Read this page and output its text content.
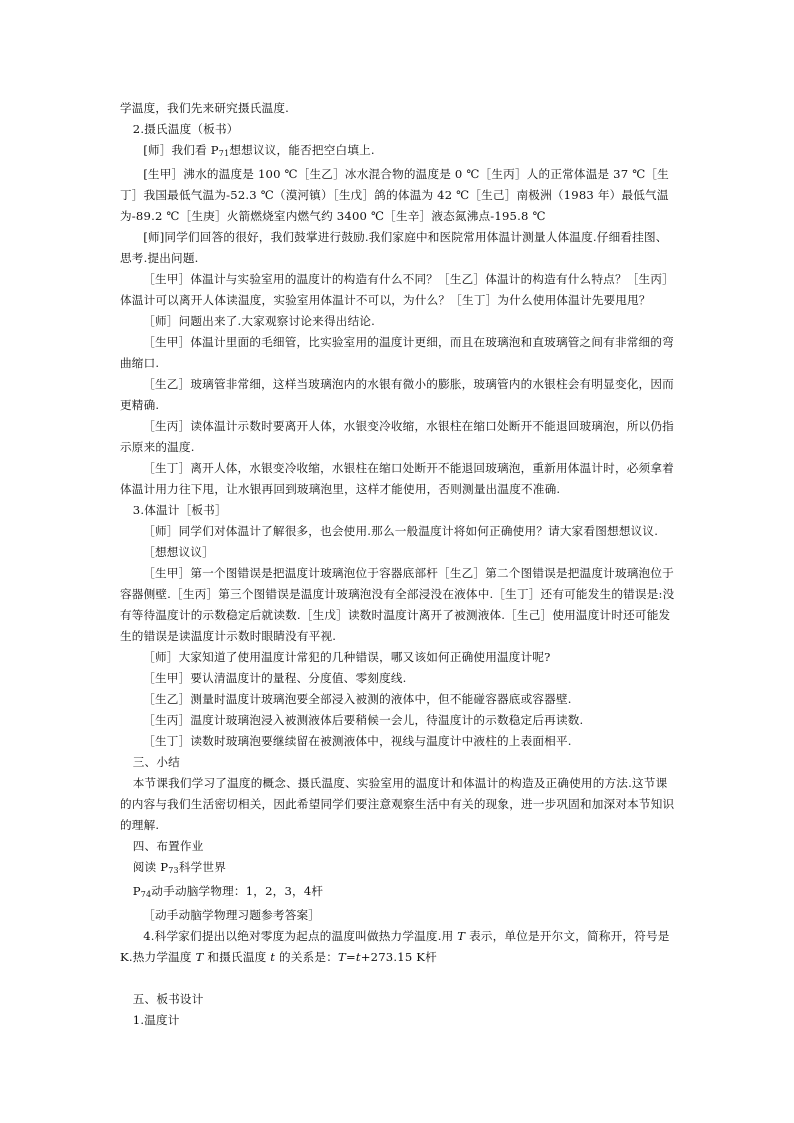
学温度，我们先来研究摄氏温度.

2.摄氏温度（板书）

[师］我们看 $P_{71}$想想议议，能否把空白填上.

[生甲］沸水的温度是 100 ℃［生乙］冰水混合物的温度是 0 ℃［生丙］人的正常体温是 37 ℃［生丁］我国最低气温为-52.3 ℃（漠河镇）［生戊］鸽的体温为 42 ℃［生己］南极洲（1983 年）最低气温为-89.2 ℃［生庚］火箭燃烧室内燃气约 3400 ℃［生辛］液态氮沸点-195.8 ℃

[师]同学们回答的很好，我们鼓掌进行鼓励.我们家庭中和医院常用体温计测量人体温度.仔细看挂图、思考.提出问题.

［生甲］体温计与实验室用的温度计的构造有什么不同？［生乙］体温计的构造有什么特点？［生丙］体温计可以离开人体读温度，实验室用体温计不可以，为什么？［生丁］为什么使用体温计先要甩甩？

［师］问题出来了.大家观察讨论来得出结论.

［生甲］体温计里面的毛细管，比实验室用的温度计更细，而且在玻璃泡和直玻璃管之间有非常细的弯曲缩口.

［生乙］玻璃管非常细，这样当玻璃泡内的水银有微小的膨胀，玻璃管内的水银柱会有明显变化，因而更精确.

［生丙］读体温计示数时要离开人体，水银变冷收缩，水银柱在缩口处断开不能退回玻璃泡，所以仍指示原来的温度.

［生丁］离开人体，水银变冷收缩，水银柱在缩口处断开不能退回玻璃泡，重新用体温计时，必须拿着体温计用力往下甩，让水银再回到玻璃泡里，这样才能使用，否则测量出温度不准确.

3.体温计［板书］

［师］同学们对体温计了解很多，也会使用.那么一般温度计将如何正确使用？请大家看图想想议议.

［想想议议］

［生甲］第一个图错误是把温度计玻璃泡位于容器底部杆［生乙］第二个图错误是把温度计玻璃泡位于容器侧壁.［生丙］第三个图错误是温度计玻璃泡没有全部浸没在液体中.［生丁］还有可能发生的错误是:没有等待温度计的示数稳定后就读数.［生戊］读数时温度计离开了被测液体.［生己］使用温度计时还可能发生的错误是读温度计示数时眼睛没有平视.

［师］大家知道了使用温度计常犯的几种错误，哪又该如何正确使用温度计呢?

［生甲］要认清温度计的量程、分度值、零刻度线.

［生乙］测量时温度计玻璃泡要全部浸入被测的液体中，但不能碰容器底或容器壁.

［生丙］温度计玻璃泡浸入被测液体后要稍候一会儿，待温度计的示数稳定后再读数.

［生丁］读数时玻璃泡要继续留在被测液体中，视线与温度计中液柱的上表面相平.

三、小结

本节课我们学习了温度的概念、摄氏温度、实验室用的温度计和体温计的构造及正确使用的方法.这节课的内容与我们生活密切相关，因此希望同学们要注意观察生活中有关的现象，进一步巩固和加深对本节知识的理解.

四、布置作业

阅读 $P_{73}$科学世界

$P_{74}$动手动脑学物理：1，2，3，4杆

［动手动脑学物理习题参考答案］

4.科学家们提出以绝对零度为起点的温度叫做热力学温度.用 T 表示，单位是开尔文，简称开，符号是 K.热力学温度 T 和摄氏温度 t 的关系是：T=t+273.15 K杆

五、板书设计

1.温度计
